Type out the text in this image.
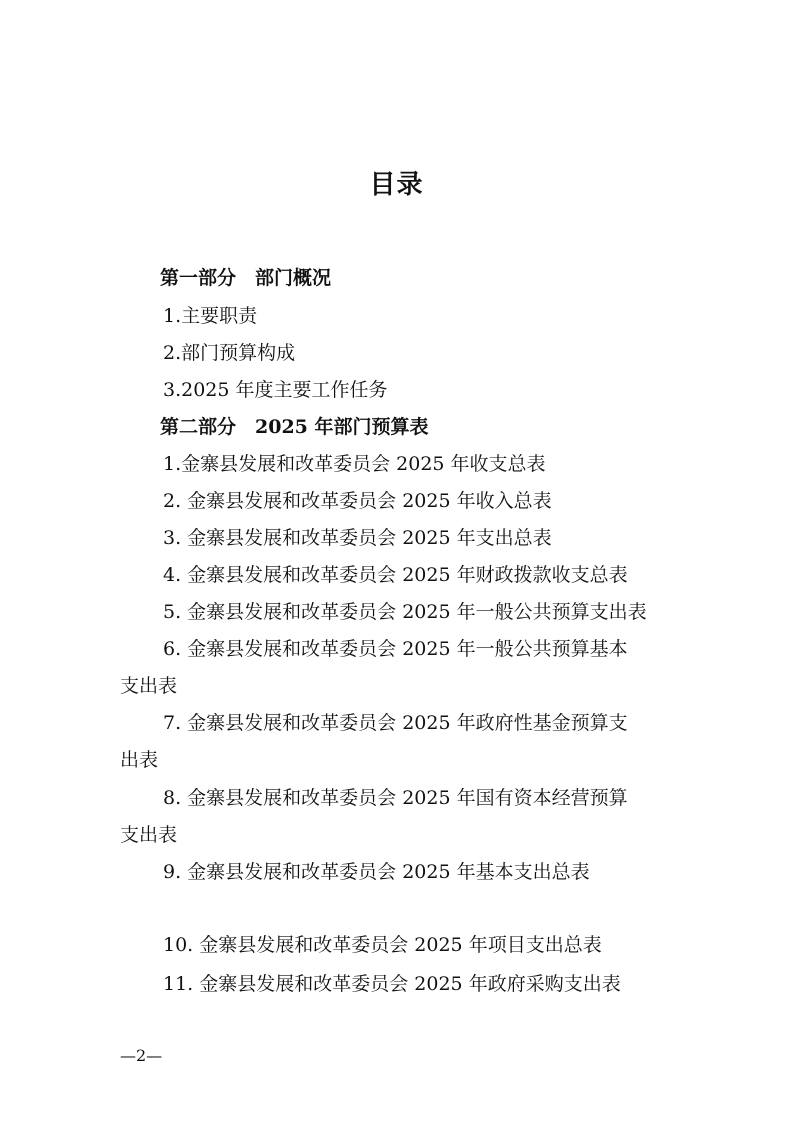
目录
第一部分　部门概况
1.主要职责
2.部门预算构成
3.2025 年度主要工作任务
第二部分　2025 年部门预算表
1.金寨县发展和改革委员会 2025 年收支总表
2. 金寨县发展和改革委员会 2025 年收入总表
3. 金寨县发展和改革委员会 2025 年支出总表
4. 金寨县发展和改革委员会 2025 年财政拨款收支总表
5. 金寨县发展和改革委员会 2025 年一般公共预算支出表
6. 金寨县发展和改革委员会 2025 年一般公共预算基本
支出表
7. 金寨县发展和改革委员会 2025 年政府性基金预算支
出表
8. 金寨县发展和改革委员会 2025 年国有资本经营预算
支出表
9. 金寨县发展和改革委员会 2025 年基本支出总表
10. 金寨县发展和改革委员会 2025 年项目支出总表
11. 金寨县发展和改革委员会 2025 年政府采购支出表
—2—
